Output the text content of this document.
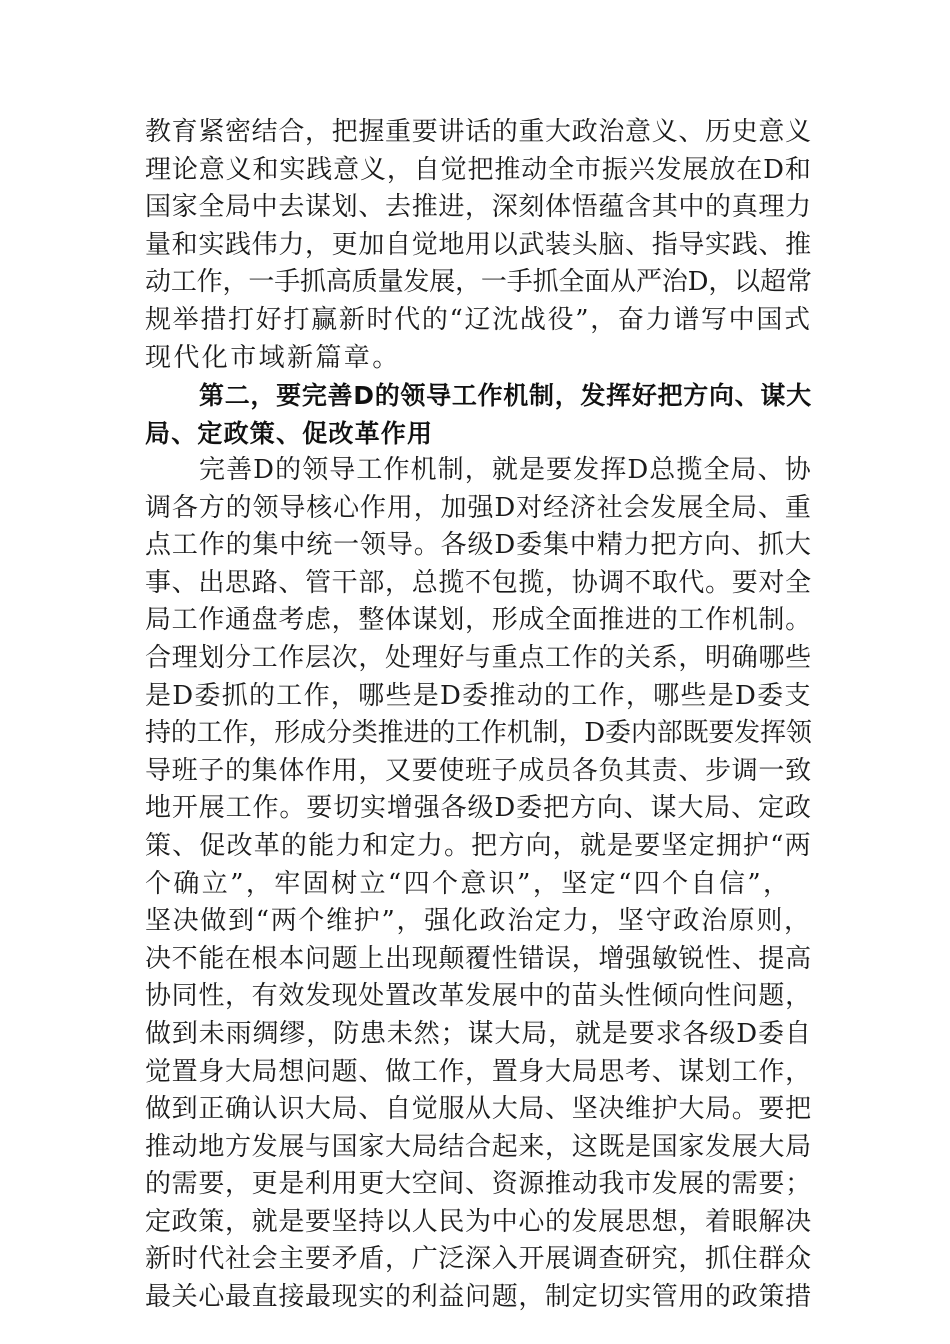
教育紧密结合，把握重要讲话的重大政治意义、历史意义
理论意义和实践意义，自觉把推动全市振兴发展放在D和
国家全局中去谋划、去推进，深刻体悟蕴含其中的真理力
量和实践伟力，更加自觉地用以武装头脑、指导实践、推
动工作，一手抓高质量发展，一手抓全面从严治D，以超常
规举措打好打赢新时代的“辽沈战役”，奋力谱写中国式
现代化市域新篇章。
第二，要完善D的领导工作机制，发挥好把方向、谋大
局、定政策、促改革作用
完善D的领导工作机制，就是要发挥D总揽全局、协
调各方的领导核心作用，加强D对经济社会发展全局、重
点工作的集中统一领导。各级D委集中精力把方向、抓大
事、出思路、管干部，总揽不包揽，协调不取代。要对全
局工作通盘考虑，整体谋划，形成全面推进的工作机制。
合理划分工作层次，处理好与重点工作的关系，明确哪些
是D委抓的工作，哪些是D委推动的工作，哪些是D委支
持的工作，形成分类推进的工作机制，D委内部既要发挥领
导班子的集体作用，又要使班子成员各负其责、步调一致
地开展工作。要切实增强各级D委把方向、谋大局、定政
策、促改革的能力和定力。把方向，就是要坚定拥护“两
个确立”，牢固树立“四个意识”，坚定“四个自信”，
坚决做到“两个维护”，强化政治定力，坚守政治原则，
决不能在根本问题上出现颠覆性错误，增强敏锐性、提高
协同性，有效发现处置改革发展中的苗头性倾向性问题，
做到未雨绸缪，防患未然；谋大局，就是要求各级D委自
觉置身大局想问题、做工作，置身大局思考、谋划工作，
做到正确认识大局、自觉服从大局、坚决维护大局。要把
推动地方发展与国家大局结合起来，这既是国家发展大局
的需要，更是利用更大空间、资源推动我市发展的需要；
定政策，就是要坚持以人民为中心的发展思想，着眼解决
新时代社会主要矛盾，广泛深入开展调查研究，抓住群众
最关心最直接最现实的利益问题，制定切实管用的政策措
